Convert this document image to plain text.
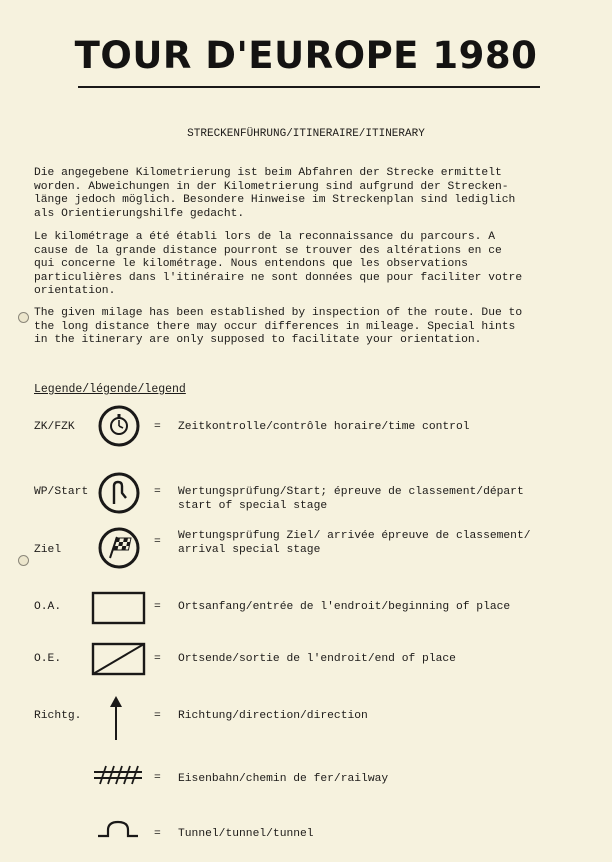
TOUR D'EUROPE 1980
STRECKENFÜHRUNG/ITINERAIRE/ITINERARY

Die angegebene Kilometrierung ist beim Abfahren der Strecke ermittelt
worden. Abweichungen in der Kilometrierung sind aufgrund der Strecken-
länge jedoch möglich. Besondere Hinweise im Streckenplan sind lediglich
als Orientierungshilfe gedacht.

Le kilométrage a été établi lors de la reconnaissance du parcours. A
cause de la grande distance pourront se trouver des altérations en ce
qui concerne le kilométrage. Nous entendons que les observations
particulières dans l'itinéraire ne sont données que pour faciliter votre
orientation.

The given milage has been established by inspection of the route. Due to
the long distance there may occur differences in mileage. Special hints
in the itinerary are only supposed to facilitate your orientation.

Legende/légende/legend
ZK/FZK	= Zeitkontrolle/contrôle horaire/time control
WP/Start	= Wertungsprüfung/Start; épreuve de classement/départ
start of special stage
Ziel
= Wertungsprüfung Ziel/ arrivée épreuve de classement/
arrival special stage
O.A.	= Ortsanfang/entrée de l'endroit/beginning of place
O.E.	= Ortsende/sortie de l'endroit/end of place
Richtg.	= Richtung/direction/direction
= Eisenbahn/chemin de fer/railway
= Tunnel/tunnel/tunnel
